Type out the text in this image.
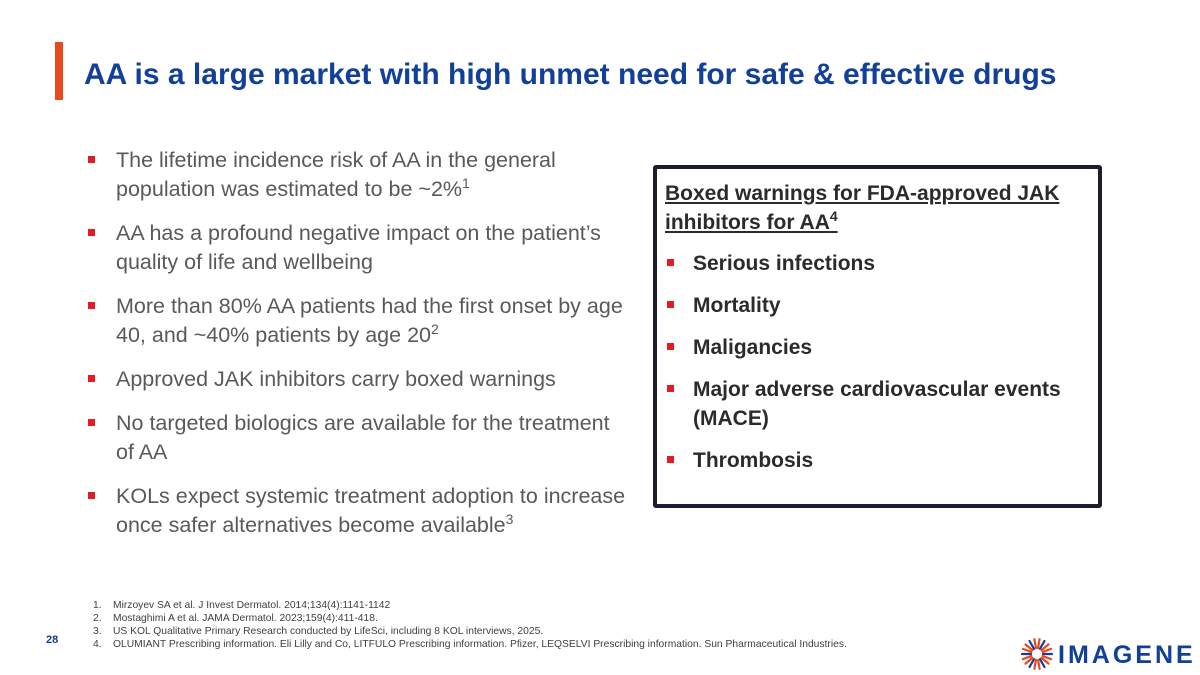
AA is a large market with high unmet need for safe & effective drugs
The lifetime incidence risk of AA in the general population was estimated to be ~2%$^1$
AA has a profound negative impact on the patient’s quality of life and wellbeing
More than 80% AA patients had the first onset by age 40, and ~40% patients by age $20^2$
Approved JAK inhibitors carry boxed warnings
No targeted biologics are available for the treatment of AA
KOLs expect systemic treatment adoption to increase once safer alternatives become available$^3$
Boxed warnings for FDA-approved JAK inhibitors for $AA^4$
Serious infections
Mortality
Maligancies
Major adverse cardiovascular events (MACE)
Thrombosis
28
1. Mirzoyev SA et al. J Invest Dermatol. 2014;134(4):1141-1142
2. Mostaghimi A et al. JAMA Dermatol. 2023;159(4):411-418.
3. US KOL Qualitative Primary Research conducted by LifeSci, including 8 KOL interviews, 2025.
4. OLUMIANT Prescribing information. Eli Lilly and Co, LITFULO Prescribing information. Pfizer, LEQSELVI Prescribing information. Sun Pharmaceutical Industries.	IMAGENE
